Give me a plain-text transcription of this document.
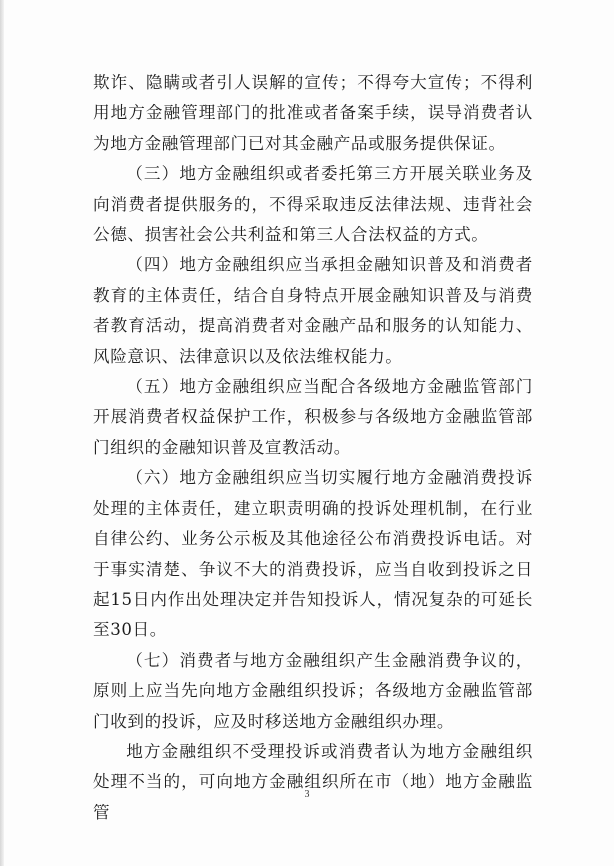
欺诈、隐瞒或者引人误解的宣传；不得夸大宣传；不得利用地方金融管理部门的批准或者备案手续，误导消费者认为地方金融管理部门已对其金融产品或服务提供保证。

（三）地方金融组织或者委托第三方开展关联业务及向消费者提供服务的，不得采取违反法律法规、违背社会公德、损害社会公共利益和第三人合法权益的方式。

（四）地方金融组织应当承担金融知识普及和消费者教育的主体责任，结合自身特点开展金融知识普及与消费者教育活动，提高消费者对金融产品和服务的认知能力、风险意识、法律意识以及依法维权能力。

（五）地方金融组织应当配合各级地方金融监管部门开展消费者权益保护工作，积极参与各级地方金融监管部门组织的金融知识普及宣教活动。

（六）地方金融组织应当切实履行地方金融消费投诉处理的主体责任，建立职责明确的投诉处理机制，在行业自律公约、业务公示板及其他途径公布消费投诉电话。对于事实清楚、争议不大的消费投诉，应当自收到投诉之日起15日内作出处理决定并告知投诉人，情况复杂的可延长至30日。

（七）消费者与地方金融组织产生金融消费争议的，原则上应当先向地方金融组织投诉；各级地方金融监管部门收到的投诉，应及时移送地方金融组织办理。

地方金融组织不受理投诉或消费者认为地方金融组织处理不当的，可向地方金融组织所在市（地）地方金融监管

3
